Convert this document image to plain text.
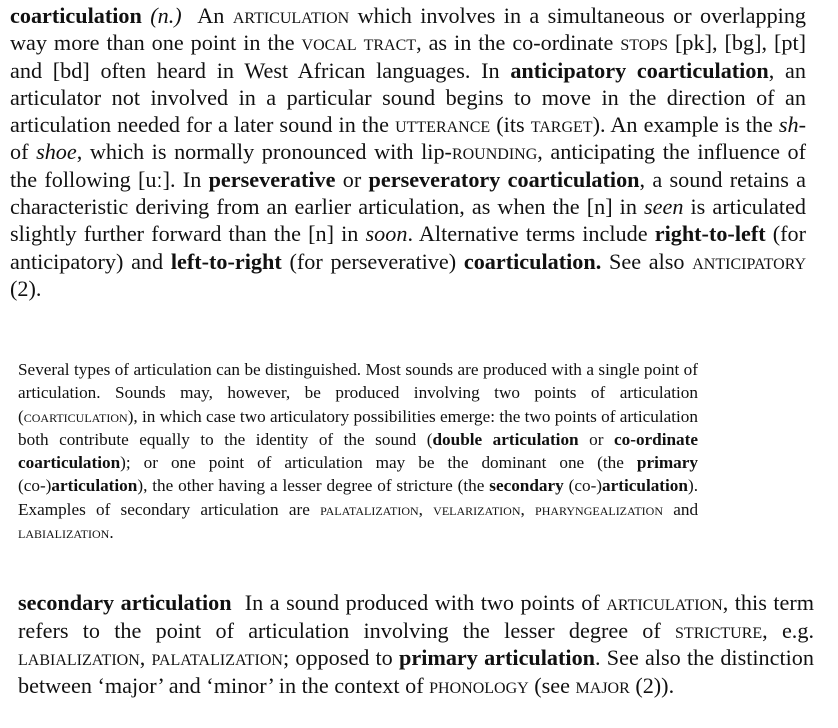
coarticulation (n.) An articulation which involves in a simultaneous or overlapping way more than one point in the vocal tract, as in the co-ordinate stops [pk], [bg], [pt] and [bd] often heard in West African languages. In anticipatory coarticulation, an articulator not involved in a particular sound begins to move in the direction of an articulation needed for a later sound in the utterance (its target). An example is the sh- of shoe, which is normally pronounced with lip-rounding, anticipating the influence of the following [uː]. In perseverative or perseveratory coarticulation, a sound retains a characteristic deriving from an earlier articulation, as when the [n] in seen is articulated slightly further forward than the [n] in soon. Alternative terms include right-to-left (for anticipatory) and left-to-right (for perseverative) coarticulation. See also anticipatory (2).
Several types of articulation can be distinguished. Most sounds are produced with a single point of articulation. Sounds may, however, be produced involving two points of articulation (coarticulation), in which case two articulatory possibilities emerge: the two points of articulation both contribute equally to the identity of the sound (double articulation or co-ordinate coarticulation); or one point of articulation may be the dominant one (the primary (co-)articulation), the other having a lesser degree of stricture (the secondary (co-)articulation). Examples of secondary articulation are palatalization, velarization, pharyngealization and labialization.
secondary articulation In a sound produced with two points of articulation, this term refers to the point of articulation involving the lesser degree of stricture, e.g. labialization, palatalization; opposed to primary articulation. See also the distinction between ‘major’ and ‘minor’ in the context of phonology (see major (2)).
